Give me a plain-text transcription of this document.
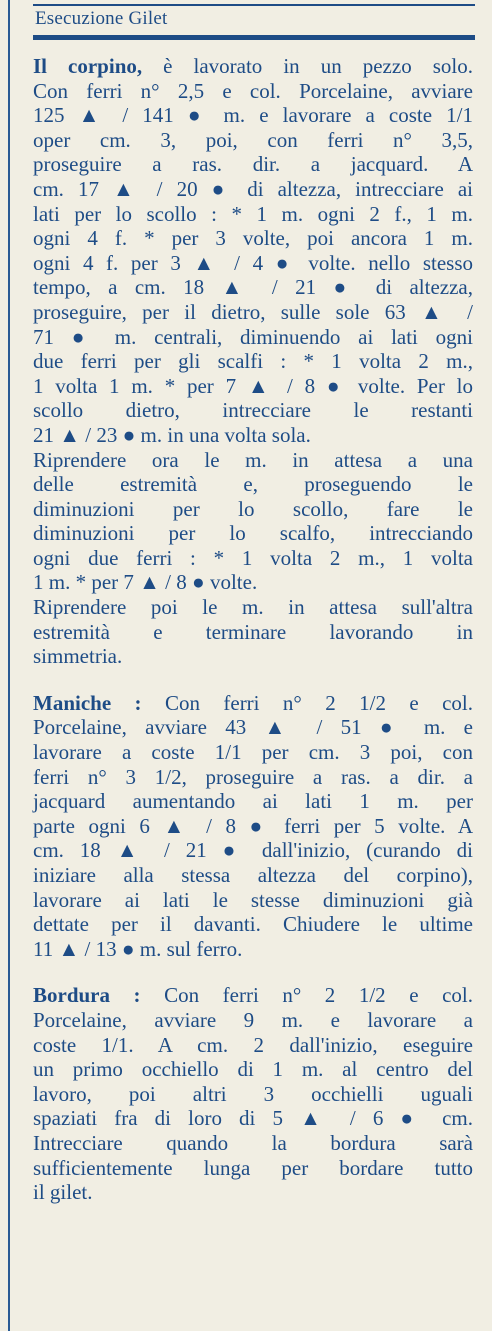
Esecuzione Gilet

Il corpino, è lavorato in un pezzo solo.
Con ferri n° 2,5 e col. Porcelaine, avviare
125 ▲ / 141 ● m. e lavorare a coste 1/1
oper cm. 3, poi, con ferri n° 3,5,
proseguire a ras. dir. a jacquard. A
cm. 17 ▲ / 20 ● di altezza, intrecciare ai
lati per lo scollo : * 1 m. ogni 2 f., 1 m.
ogni 4 f. * per 3 volte, poi ancora 1 m.
ogni 4 f. per 3 ▲ / 4 ● volte. nello stesso
tempo, a cm. 18 ▲ / 21 ● di altezza,
proseguire, per il dietro, sulle sole 63 ▲ /
71 ● m. centrali, diminuendo ai lati ogni
due ferri per gli scalfi : * 1 volta 2 m.,
1 volta 1 m. * per 7 ▲ / 8 ● volte. Per lo
scollo dietro, intrecciare le restanti
21 ▲ / 23 ● m. in una volta sola.
Riprendere ora le m. in attesa a una
delle estremità e, proseguendo le
diminuzioni per lo scollo, fare le
diminuzioni per lo scalfo, intrecciando
ogni due ferri : * 1 volta 2 m., 1 volta
1 m. * per 7 ▲ / 8 ● volte.
Riprendere poi le m. in attesa sull'altra
estremità e terminare lavorando in
simmetria.

Maniche : Con ferri n° 2 1/2 e col.
Porcelaine, avviare 43 ▲ / 51 ● m. e
lavorare a coste 1/1 per cm. 3 poi, con
ferri n° 3 1/2, proseguire a ras. a dir. a
jacquard aumentando ai lati 1 m. per
parte ogni 6 ▲ / 8 ● ferri per 5 volte. A
cm. 18 ▲ / 21 ● dall'inizio, (curando di
iniziare alla stessa altezza del corpino),
lavorare ai lati le stesse diminuzioni già
dettate per il davanti. Chiudere le ultime
11 ▲ / 13 ● m. sul ferro.

Bordura : Con ferri n° 2 1/2 e col.
Porcelaine, avviare 9 m. e lavorare a
coste 1/1. A cm. 2 dall'inizio, eseguire
un primo occhiello di 1 m. al centro del
lavoro, poi altri 3 occhielli uguali
spaziati fra di loro di 5 ▲ / 6 ● cm.
Intrecciare quando la bordura sarà
sufficientemente lunga per bordare tutto
il gilet.
